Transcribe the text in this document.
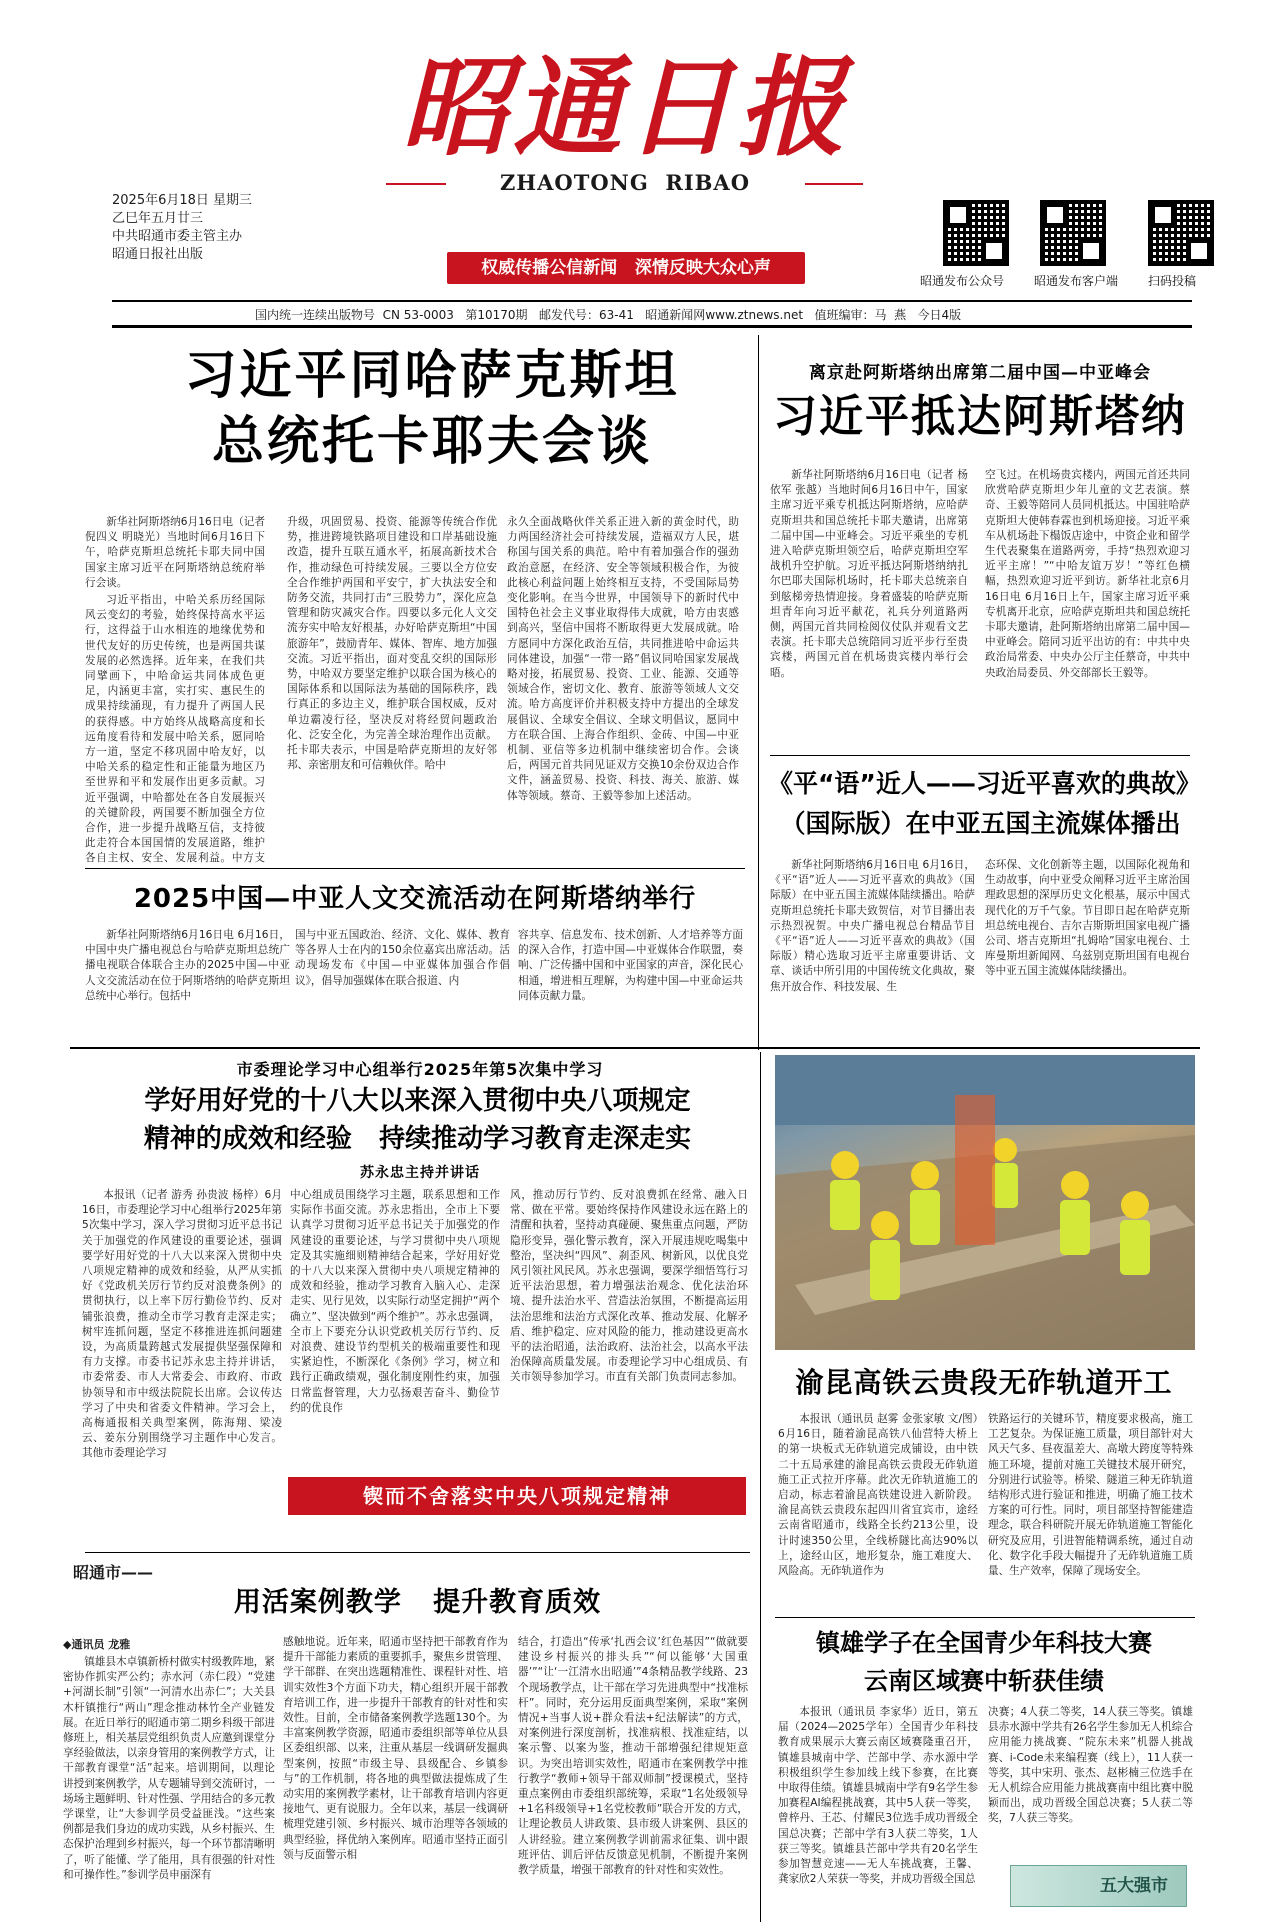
昭通日报
ZHAOTONG  RIBAO
2025年6月18日 星期三
乙巳年五月廿三
中共昭通市委主管主办
昭通日报社出版
权威传播公信新闻   深情反映大众心声
昭通发布公众号 昭通发布客户端 扫码投稿
国内统一连续出版物号  CN 53-0003   第10170期   邮发代号：63-41   昭通新闻网www.ztnews.net   值班编审：马  燕   今日4版
习近平同哈萨克斯坦
总统托卡耶夫会谈

新华社阿斯塔纳6月16日电（记者 倪四义 明晓光）当地时间6月16日下午，哈萨克斯坦总统托卡耶夫同中国国家主席习近平在阿斯塔纳总统府举行会谈。

习近平指出，中哈关系历经国际风云变幻的考验，始终保持高水平运行，这得益于山水相连的地缘优势和世代友好的历史传统，也是两国共谋发展的必然选择。近年来，在我们共同擘画下，中哈命运共同体成色更足，内涵更丰富，实打实、惠民生的成果持续涌现，有力提升了两国人民的获得感。中方始终从战略高度和长远角度看待和发展中哈关系，愿同哈方一道，坚定不移巩固中哈友好，以中哈关系的稳定性和正能量为地区乃至世界和平和发展作出更多贡献。习近平强调，中哈都处在各自发展振兴的关键阶段，两国要不断加强全方位合作，进一步提升战略互信，支持彼此走符合本国国情的发展道路，维护各自主权、安全、发展利益。中方支

升级，巩固贸易、投资、能源等传统合作优势，推进跨境铁路项目建设和口岸基础设施改造，提升互联互通水平，拓展高新技术合作，推动绿色可持续发展。三要以全方位安全合作维护两国和平安宁，扩大执法安全和防务交流，共同打击“三股势力”，深化应急管理和防灾减灾合作。四要以多元化人文交流夯实中哈友好根基，办好哈萨克斯坦“中国旅游年”，鼓励青年、媒体、智库、地方加强交流。习近平指出，面对变乱交织的国际形势，中哈双方要坚定维护以联合国为核心的国际体系和以国际法为基础的国际秩序，践行真正的多边主义，维护联合国权威，反对单边霸凌行径，坚决反对将经贸问题政治化、泛安全化，为完善全球治理作出贡献。托卡耶夫表示，中国是哈萨克斯坦的友好邻邦、亲密朋友和可信赖伙伴。哈中

永久全面战略伙伴关系正进入新的黄金时代，助力两国经济社会可持续发展，造福双方人民，堪称国与国关系的典范。哈中有着加强合作的强劲政治意愿，在经济、安全等领域积极合作，为彼此核心利益问题上始终相互支持，不受国际局势变化影响。在当今世界，中国领导下的新时代中国特色社会主义事业取得伟大成就，哈方由衷感到高兴，坚信中国将不断取得更大发展成就。哈方愿同中方深化政治互信，共同推进哈中命运共同体建设，加强“一带一路”倡议同哈国家发展战略对接，拓展贸易、投资、工业、能源、交通等领域合作，密切文化、教育、旅游等领域人文交流。哈方高度评价并积极支持中方提出的全球发展倡议、全球安全倡议、全球文明倡议，愿同中方在联合国、上海合作组织、金砖、中国—中亚机制、亚信等多边机制中继续密切合作。会谈后，两国元首共同见证双方交换10余份双边合作文件，涵盖贸易、投资、科技、海关、旅游、媒体等领域。蔡奇、王毅等参加上述活动。

离京赴阿斯塔纳出席第二届中国—中亚峰会
习近平抵达阿斯塔纳

新华社阿斯塔纳6月16日电（记者 杨依军 张越）当地时间6月16日中午，国家主席习近平乘专机抵达阿斯塔纳，应哈萨克斯坦共和国总统托卡耶夫邀请，出席第二届中国—中亚峰会。习近平乘坐的专机进入哈萨克斯坦领空后，哈萨克斯坦空军战机升空护航。习近平抵达阿斯塔纳纳扎尔巴耶夫国际机场时，托卡耶夫总统亲自到舷梯旁热情迎接。身着盛装的哈萨克斯坦青年向习近平献花，礼兵分列道路两侧，两国元首共同检阅仪仗队并观看文艺表演。托卡耶夫总统陪同习近平步行至贵宾楼，两国元首在机场贵宾楼内举行会晤。

空飞过。在机场贵宾楼内，两国元首还共同欣赏哈萨克斯坦少年儿童的文艺表演。蔡奇、王毅等陪同人员同机抵达。中国驻哈萨克斯坦大使韩春霖也到机场迎接。习近平乘车从机场赴下榻饭店途中，中资企业和留学生代表聚集在道路两旁，手持“热烈欢迎习近平主席！”“中哈友谊万岁！”等红色横幅，热烈欢迎习近平到访。新华社北京6月16日电 6月16日上午，国家主席习近平乘专机离开北京，应哈萨克斯坦共和国总统托卡耶夫邀请，赴阿斯塔纳出席第二届中国—中亚峰会。陪同习近平出访的有：中共中央政治局常委、中央办公厅主任蔡奇，中共中央政治局委员、外交部部长王毅等。

2025中国—中亚人文交流活动在阿斯塔纳举行

新华社阿斯塔纳6月16日电 6月16日，中国中央广播电视总台与哈萨克斯坦总统广播电视联合体联合主办的2025中国—中亚人文交流活动在位于阿斯塔纳的哈萨克斯坦总统中心举行。包括中

国与中亚五国政治、经济、文化、媒体、教育等各界人士在内的150余位嘉宾出席活动。活动现场发布《中国—中亚媒体加强合作倡议》，倡导加强媒体在联合报道、内

容共享、信息发布、技术创新、人才培养等方面的深入合作，打造中国—中亚媒体合作联盟，奏响、广泛传播中国和中亚国家的声音，深化民心相通，增进相互理解，为构建中国—中亚命运共同体贡献力量。

《平“语”近人——习近平喜欢的典故》
（国际版）在中亚五国主流媒体播出

新华社阿斯塔纳6月16日电 6月16日，《平“语”近人——习近平喜欢的典故》（国际版）在中亚五国主流媒体陆续播出。哈萨克斯坦总统托卡耶夫致贺信，对节目播出表示热烈祝贺。中央广播电视总台精品节目《平“语”近人——习近平喜欢的典故》（国际版）精心选取习近平主席重要讲话、文章、谈话中所引用的中国传统文化典故，聚焦开放合作、科技发展、生

态环保、文化创新等主题，以国际化视角和生动故事，向中亚受众阐释习近平主席治国理政思想的深厚历史文化根基，展示中国式现代化的万千气象。节目即日起在哈萨克斯坦总统电视台、吉尔吉斯斯坦国家电视广播公司、塔吉克斯坦“扎姆哈”国家电视台、土库曼斯坦新闻网、乌兹别克斯坦国有电视台等中亚五国主流媒体陆续播出。

市委理论学习中心组举行2025年第5次集中学习
学好用好党的十八大以来深入贯彻中央八项规定
精神的成效和经验   持续推动学习教育走深走实
苏永忠主持并讲话

本报讯（记者 游秀 孙贵波 杨梓）6月16日，市委理论学习中心组举行2025年第5次集中学习，深入学习贯彻习近平总书记关于加强党的作风建设的重要论述，强调要学好用好党的十八大以来深入贯彻中央八项规定精神的成效和经验，从严从实抓好《党政机关厉行节约反对浪费条例》的贯彻执行，以上率下厉行勤俭节约、反对铺张浪费，推动全市学习教育走深走实；树牢连抓问题，坚定不移推进连抓问题建设，为高质量跨越式发展提供坚强保障和有力支撑。市委书记苏永忠主持并讲话，市委常委、市人大常委会、市政府、市政协领导和市中级法院院长出席。会议传达学习了中央和省委文件精神。学习会上，高梅通报相关典型案例，陈海翔、梁凌云、姜东分别围绕学习主题作中心发言。其他市委理论学习

中心组成员围绕学习主题，联系思想和工作实际作书面交流。苏永忠指出，全市上下要认真学习贯彻习近平总书记关于加强党的作风建设的重要论述，与学习贯彻中央八项规定及其实施细则精神结合起来，学好用好党的十八大以来深入贯彻中央八项规定精神的成效和经验，推动学习教育入脑入心、走深走实、见行见效，以实际行动坚定拥护“两个确立”、坚决做到“两个维护”。苏永忠强调，全市上下要充分认识党政机关厉行节约、反对浪费、建设节约型机关的极端重要性和现实紧迫性，不断深化《条例》学习，树立和践行正确政绩观，强化制度刚性约束，加强日常监督管理，大力弘扬艰苦奋斗、勤俭节约的优良作

风，推动厉行节约、反对浪费抓在经常、融入日常、做在平常。要始终保持作风建设永远在路上的清醒和执着，坚持动真碰硬、聚焦重点问题，严防隐形变异，强化警示教育，深入开展违规吃喝集中整治，坚决纠“四风”、刹歪风、树新风，以优良党风引领社风民风。苏永忠强调，要深学细悟笃行习近平法治思想，着力增强法治观念、优化法治环境、提升法治水平、营造法治氛围，不断提高运用法治思维和法治方式深化改革、推动发展、化解矛盾、维护稳定、应对风险的能力，推动建设更高水平的法治昭通，法治政府、法治社会，以高水平法治保障高质量发展。市委理论学习中心组成员、有关市领导参加学习。市直有关部门负责同志参加。

锲而不舍落实中央八项规定精神
昭通市——
用活案例教学   提升教育质效
◆通讯员 龙雅

镇雄县木卓镇新桥村做实村级教阵地，紧密协作抓实严公约；赤水河（赤仁段）“党建+河湖长制”引领“一河清水出赤仁”；大关县木杆镇推行“两山”理念推动林竹全产业链发展。在近日举行的昭通市第二期乡科级干部进修班上，相关基层党组织负责人应邀到课堂分享经验做法，以亲身管用的案例教学方式，让干部教育课堂“活”起来。培训期间，以理论讲授到案例教学，从专题辅导到交流研讨，一场场主题鲜明、针对性强、学用结合的多元教学课堂，让“大参训学员受益匪浅。“这些案例都是我们身边的成功实践，从乡村振兴、生态保护治理到乡村振兴，每一个环节都清晰明了，听了能懂、学了能用，具有很强的针对性和可操作性。”参训学员申丽深有

感触地说。近年来，昭通市坚持把干部教育作为提升干部能力素质的重要抓手，聚焦乡贯管理、学干部群、在突出选题精准性、课程针对性、培训实效性3个方面下功夫，精心组织开展干部教育培训工作，进一步提升干部教育的针对性和实效性。目前，全市储备案例教学选题130个。为丰富案例教学资源，昭通市委组织部等单位从县区委组织部、以来，注重从基层一线调研发掘典型案例，按照“市级主导、县级配合、乡镇参与”的工作机制，将各地的典型做法提炼成了生动实用的案例教学素材，让干部教育培训内容更接地气、更有说服力。全年以来，基层一线调研梳理党建引领、乡村振兴、城市治理等各领域的典型经验，择优纳入案例库。昭通市坚持正面引领与反面警示相

结合，打造出“传承‘扎西会议’红色基因”“做就要建设乡村振兴的排头兵”“何以能够‘大国重器’”“让‘一江清水出昭通’”4条精品教学线路、23个现场教学点，让干部在学习先进典型中“找准标杆”。同时，充分运用反面典型案例，采取“案例情况+当事人说+群众看法+纪法解读”的方式，对案例进行深度剖析，找准病根、找准症结，以案示警、以案为鉴，推动干部增强纪律规矩意识。为突出培训实效性，昭通市在案例教学中推行教学“教师+领导干部双师制”授课模式，坚持重点案例由市委组织部统筹，采取“1名处级领导+1名科级领导+1名党校教师”联合开发的方式，让理论教员人讲政策、县市级人讲案例、县区的人讲经验。建立案例教学训前需求征集、训中跟班评估、训后评估反馈意见机制，不断提升案例教学质量，增强干部教育的针对性和实效性。

渝昆高铁云贵段无砟轨道开工

本报讯（通讯员 赵雾 金张家敏 文/图）6月16日，随着渝昆高铁八仙营特大桥上的第一块板式无砟轨道完成铺设，由中铁二十五局承建的渝昆高铁云贵段无砟轨道施工正式拉开序幕。此次无砟轨道施工的启动，标志着渝昆高铁建设进入新阶段。渝昆高铁云贵段东起四川省宜宾市，途经云南省昭通市，线路全长约213公里，设计时速350公里，全线桥隧比高达90%以上，途经山区，地形复杂，施工难度大、风险高。无砟轨道作为

铁路运行的关键环节，精度要求极高，施工工艺复杂。为保证施工质量，项目部针对大风天气多、昼夜温差大、高墩大跨度等特殊施工环境，提前对施工关键技术展开研究，分别进行试验等。桥梁、隧道三种无砟轨道结构形式进行验证和推进，明确了施工技术方案的可行性。同时，项目部坚持智能建造理念，联合科研院开展无砟轨道施工智能化研究及应用，引进智能精调系统，通过自动化、数字化手段大幅提升了无砟轨道施工质量、生产效率，保障了现场安全。

镇雄学子在全国青少年科技大赛
云南区域赛中斩获佳绩

本报讯（通讯员 李家华）近日，第五届（2024—2025学年）全国青少年科技教育成果展示大赛云南区域赛隆重召开，镇雄县城南中学、芒部中学、赤水源中学积极组织学生参加线上线下参赛，在比赛中取得佳绩。镇雄县城南中学有9名学生参加赛程AI编程挑战赛，其中5人获一等奖，曾梓丹、王芯、付耀民3位选手成功晋级全国总决赛；芒部中学有3人获二等奖，1人获三等奖。镇雄县芒部中学共有20名学生参加智慧竞速——无人车挑战赛，王馨、龚家欣2人荣获一等奖，并成功晋级全国总

决赛；4人获二等奖，14人获三等奖。镇雄县赤水源中学共有26名学生参加无人机综合应用能力挑战赛、“院东未来”机器人挑战赛、i-Code未来编程赛（线上），11人获一等奖，其中宋玥、张杰、赵彬楠三位选手在无人机综合应用能力挑战赛南中组比赛中脱颖而出，成功晋级全国总决赛；5人获二等奖，7人获三等奖。

五大强市
